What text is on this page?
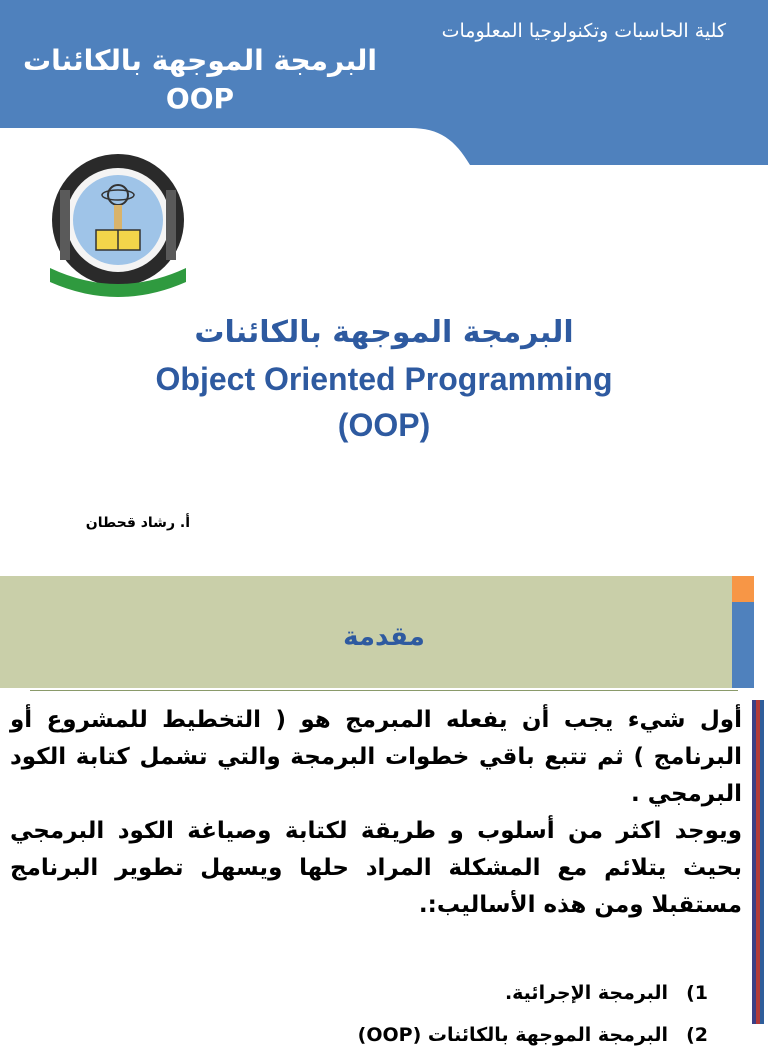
كلية الحاسبات وتكنولوجيا المعلومات
البرمجة الموجهة بالكائنات
OOP
البرمجة الموجهة بالكائنات
Object Oriented Programming
(OOP)
أ. رشاد قحطان
مقدمة

أول شيء يجب أن يفعله المبرمج هو ( التخطيط للمشروع أو البرنامج ) ثم تتبع باقي خطوات البرمجة والتي تشمل كتابة الكود البرمجي .

ويوجد اكثر من أسلوب و طريقة لكتابة وصياغة الكود البرمجي بحيث يتلائم مع المشكلة المراد حلها ويسهل تطوير البرنامج مستقبلا ومن هذه الأساليب:.

1)
البرمجة الإجرائية.
2)
البرمجة الموجهة بالكائنات (OOP)
